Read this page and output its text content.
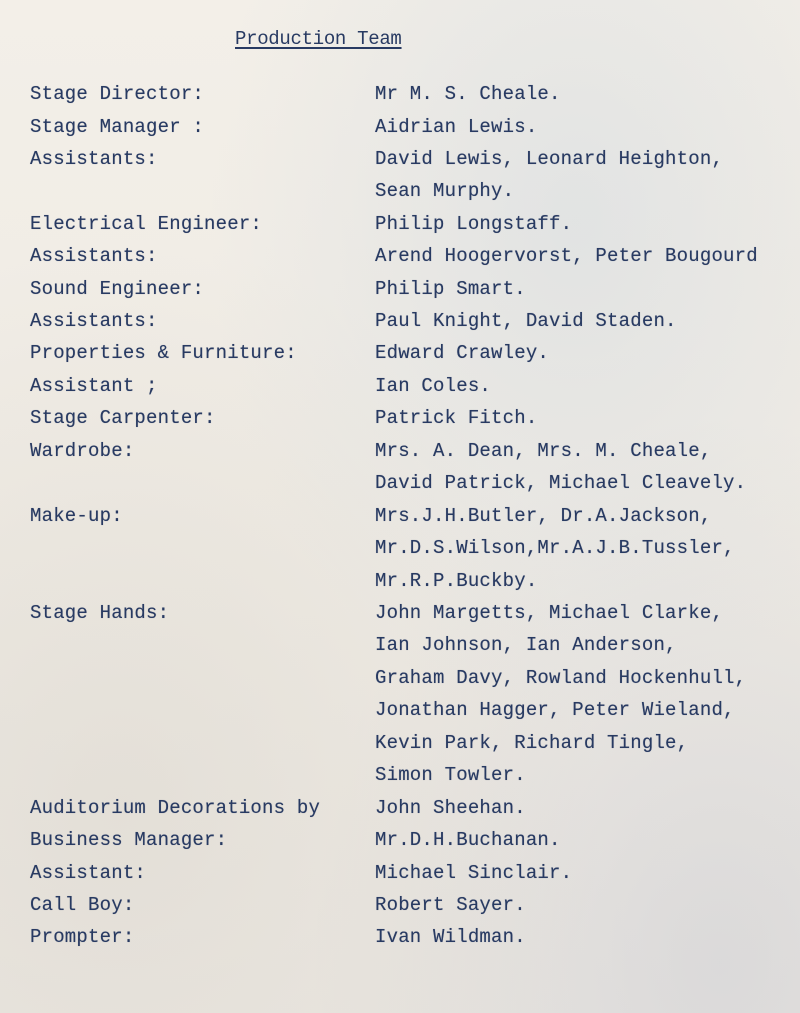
Production Team
Stage Director:	Mr M. S. Cheale.
Stage Manager :	Aidrian Lewis.
Assistants:	David Lewis, Leonard Heighton,
Sean Murphy.
Electrical Engineer:	Philip Longstaff.
Assistants:	Arend Hoogervorst, Peter Bougourd
Sound Engineer:	Philip Smart.
Assistants:	Paul Knight, David Staden.
Properties & Furniture:	Edward Crawley.
Assistant ;	Ian Coles.
Stage Carpenter:	Patrick Fitch.
Wardrobe:	Mrs. A. Dean, Mrs. M. Cheale,
David Patrick, Michael Cleavely.
Make-up:	Mrs.J.H.Butler, Dr.A.Jackson,
Mr.D.S.Wilson,Mr.A.J.B.Tussler,
Mr.R.P.Buckby.
Stage Hands:	John Margetts, Michael Clarke,
Ian Johnson, Ian Anderson,
Graham Davy, Rowland Hockenhull,
Jonathan Hagger, Peter Wieland,
Kevin Park, Richard Tingle,
Simon Towler.
Auditorium Decorations by	John Sheehan.
Business Manager:	Mr.D.H.Buchanan.
Assistant:	Michael Sinclair.
Call Boy:	Robert Sayer.
Prompter:	Ivan Wildman.
